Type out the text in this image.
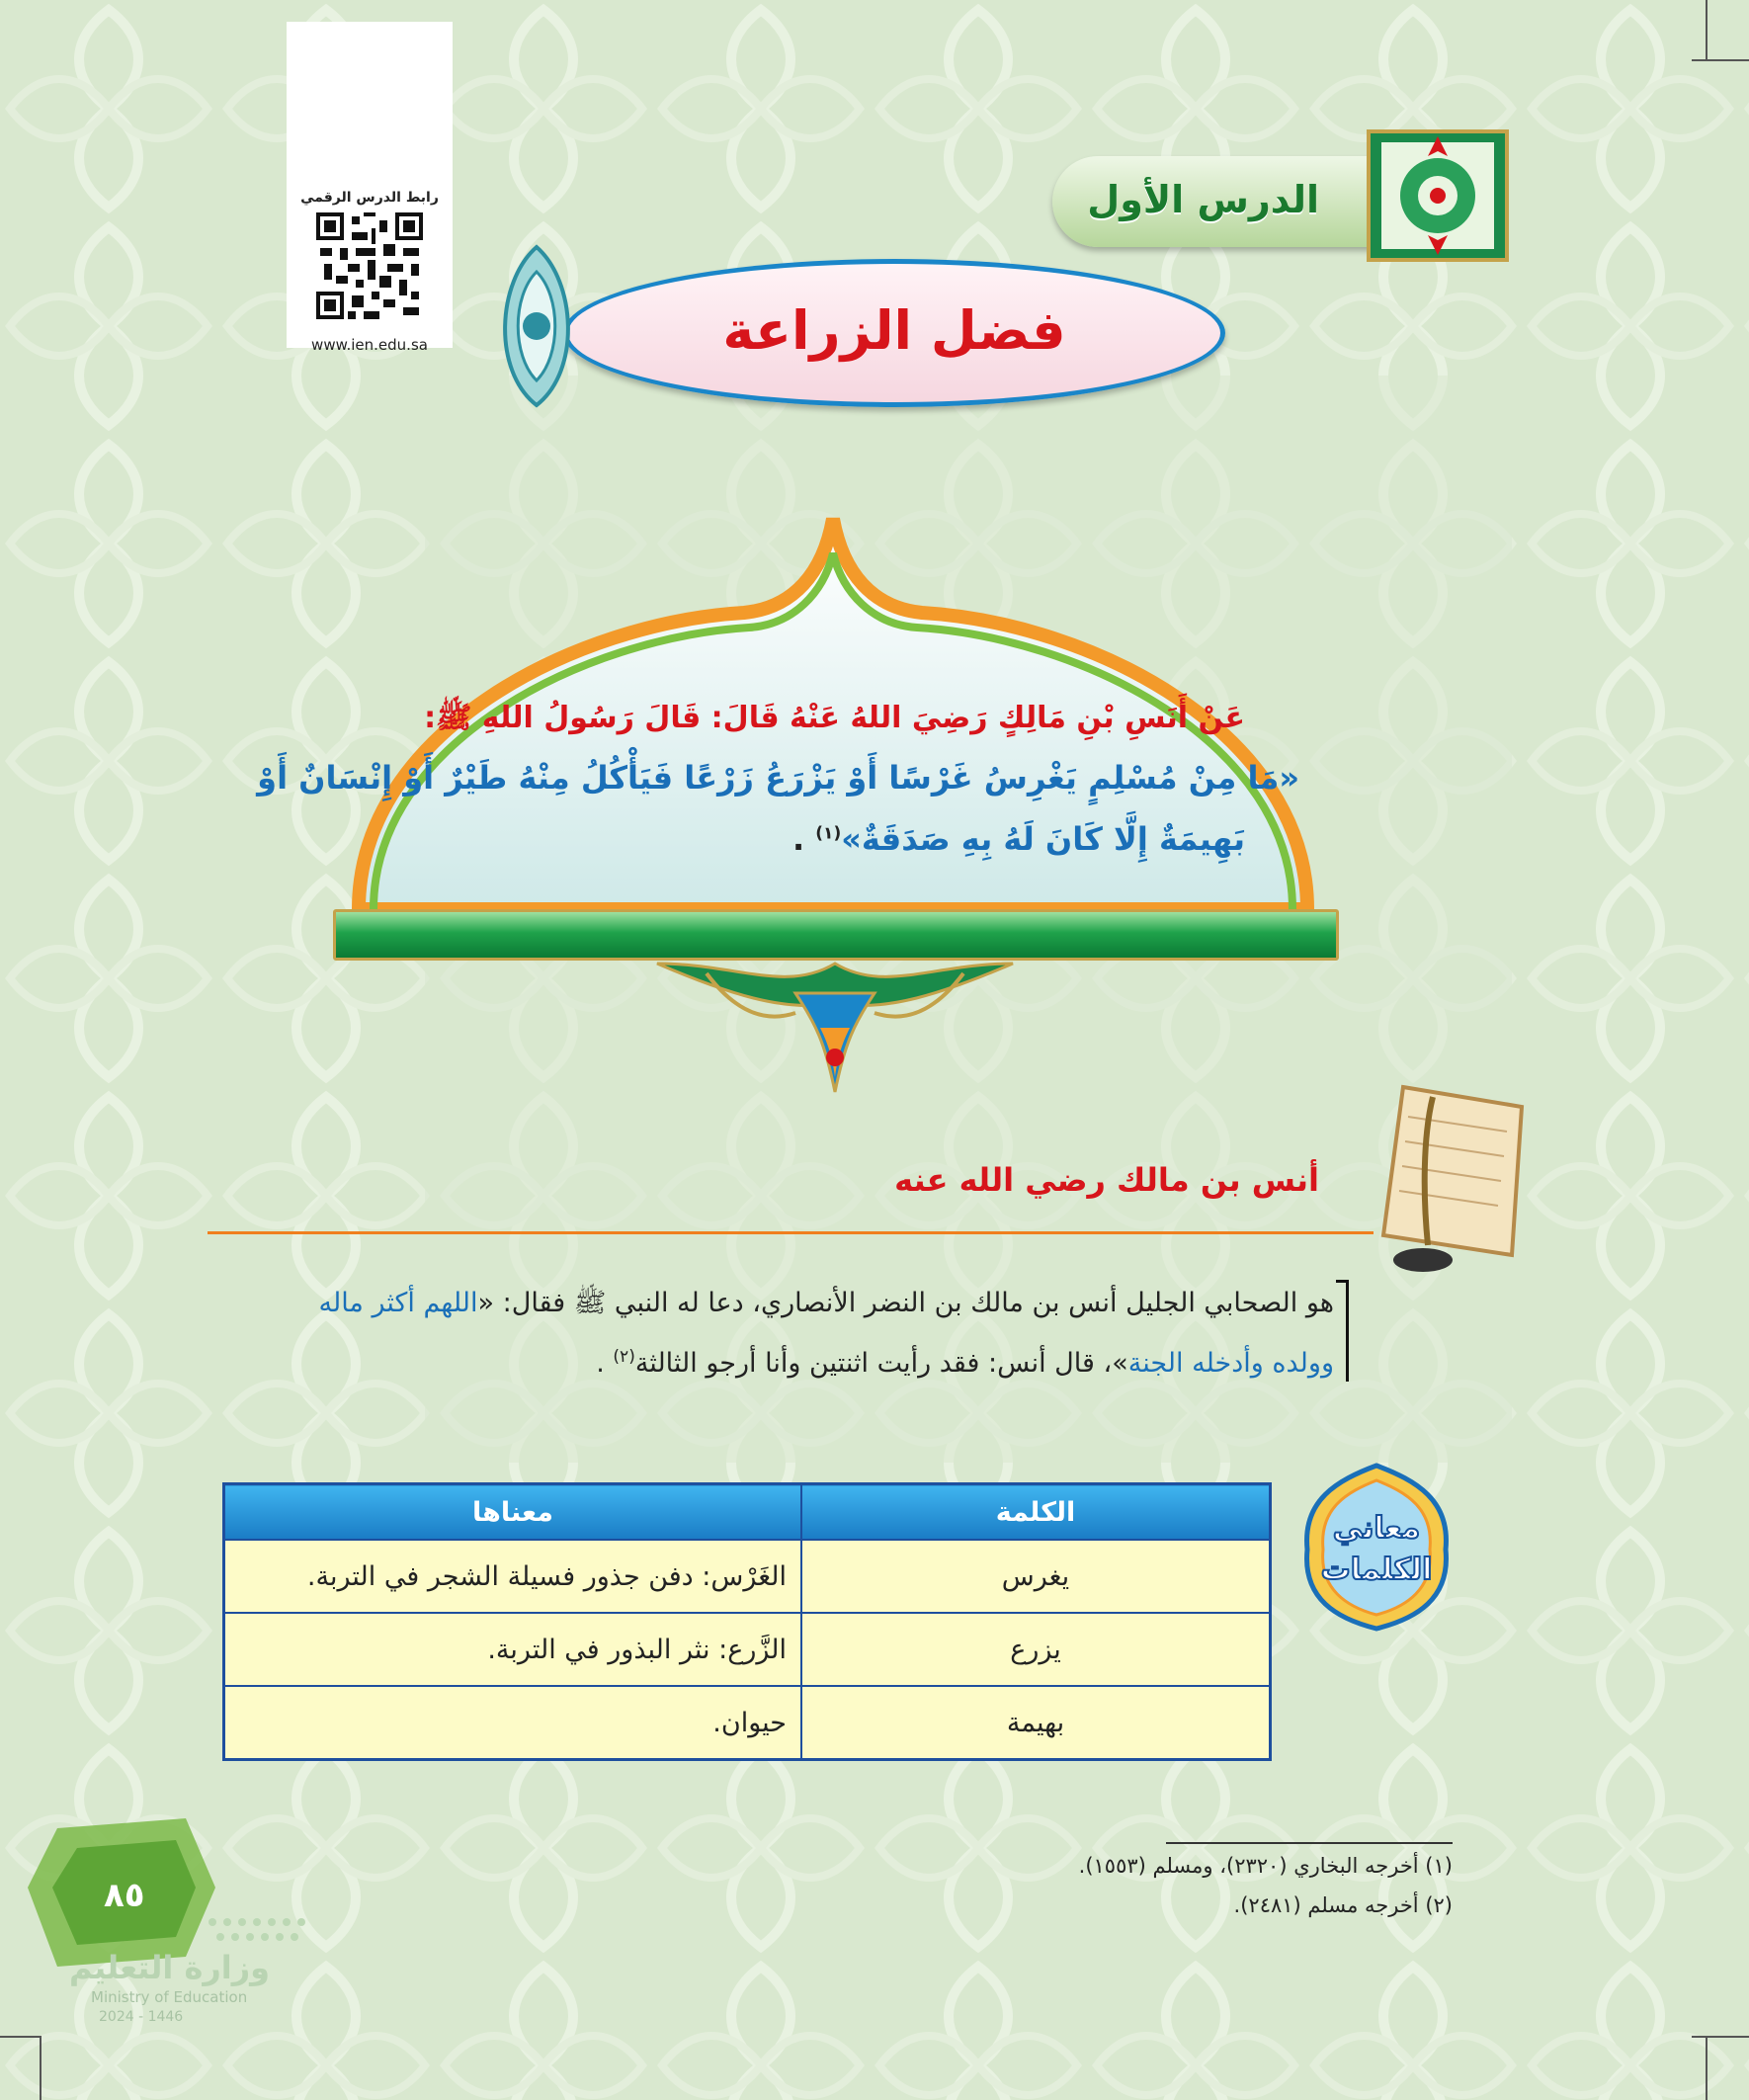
رابط الدرس الرقمي
www.ien.edu.sa
الدرس الأول
فضل الزراعة
عَنْ أَنَسِ بْنِ مَالِكٍ رَضِيَ اللهُ عَنْهُ قَالَ: قَالَ رَسُولُ اللهِ ﷺ:
«مَا مِنْ مُسْلِمٍ يَغْرِسُ غَرْسًا أَوْ يَزْرَعُ زَرْعًا فَيَأْكُلُ مِنْهُ طَيْرٌ أَوْ إِنْسَانٌ أَوْ
بَهِيمَةٌ إِلَّا كَانَ لَهُ بِهِ صَدَقَةٌ»$^{(١)}$ .
أنس بن مالك رضي الله عنه
هو الصحابي الجليل أنس بن مالك بن النضر الأنصاري، دعا له النبي ﷺ فقال: «اللهم أكثر ماله
وولده وأدخله الجنة»، قال أنس: فقد رأيت اثنتين وأنا أرجو الثالثة$^{(٢)}$ .
معاني
الكلمات
الكلمة	معناها
يغرس	الغَرْس: دفن جذور فسيلة الشجر في التربة.
يزرع	الزَّرع: نثر البذور في التربة.
بهيمة	حيوان.
(١) أخرجه البخاري (٢٣٢٠)، ومسلم (١٥٥٣).
(٢) أخرجه مسلم (٢٤٨١).
٨٥
وزارة التعليم
Ministry of Education
2024 - 1446
